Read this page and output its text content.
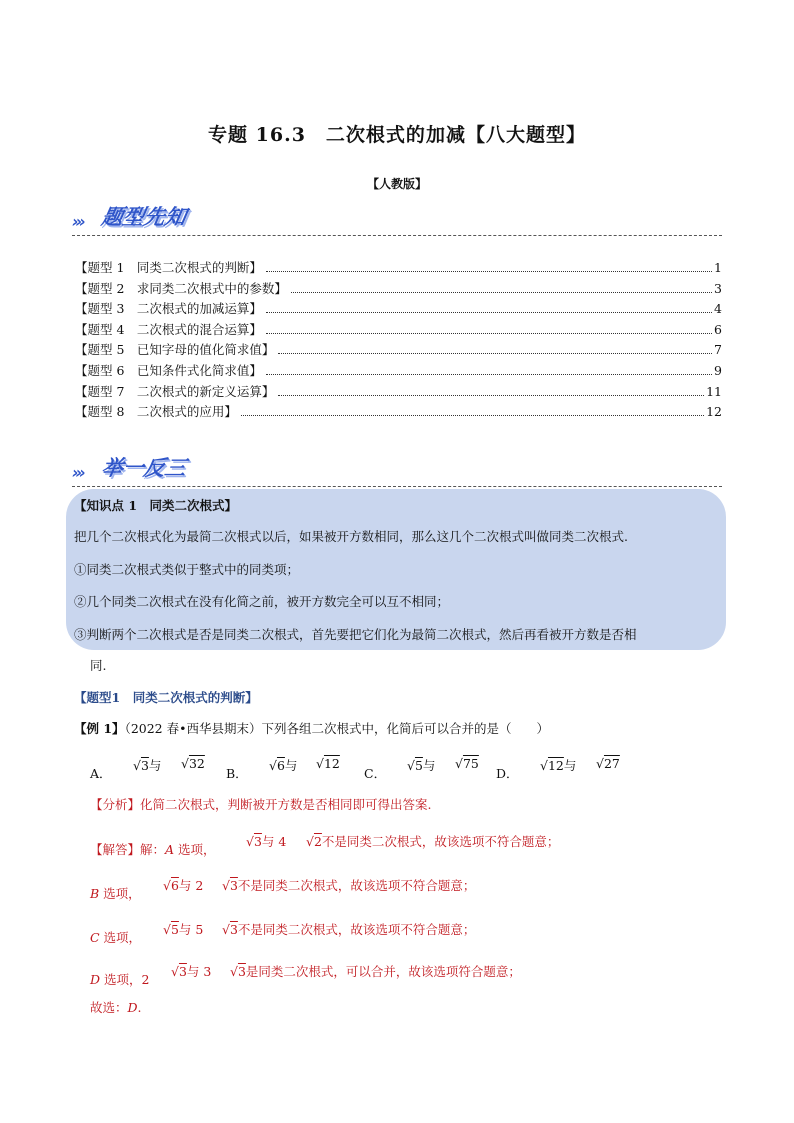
专题 16.3　二次根式的加减【八大题型】
【人教版】
››› 题型先知
【题型 1　同类二次根式的判断】	1
【题型 2　求同类二次根式中的参数】	3
【题型 3　二次根式的加减运算】	4
【题型 4　二次根式的混合运算】	6
【题型 5　已知字母的值化简求值】	7
【题型 6　已知条件式化简求值】	9
【题型 7　二次根式的新定义运算】	11
【题型 8　二次根式的应用】	12
››› 举一反三
【知识点 1　同类二次根式】
把几个二次根式化为最简二次根式以后，如果被开方数相同，那么这几个二次根式叫做同类二次根式.
①同类二次根式类似于整式中的同类项；
②几个同类二次根式在没有化简之前，被开方数完全可以互不相同；
③判断两个二次根式是否是同类二次根式，首先要把它们化为最简二次根式，然后再看被开方数是否相
同.
【题型1　同类二次根式的判断】
【例 1】（2022 春•西华县期末）下列各组二次根式中，化简后可以合并的是（　　）
A．
√3与 √32
B．
√6与 √12
C．
√5与 √75
D．
√12与 √27
【分析】化简二次根式，判断被开方数是否相同即可得出答案.
【解答】解：A 选项，
√3与 4 √2不是同类二次根式，故该选项不符合题意；
B 选项，
√6与 2 √3不是同类二次根式，故该选项不符合题意；
C 选项，
√5与 5 √3不是同类二次根式，故该选项不符合题意；
D 选项，2
√3与 3 √3是同类二次根式，可以合并，故该选项符合题意；
故选：D.
